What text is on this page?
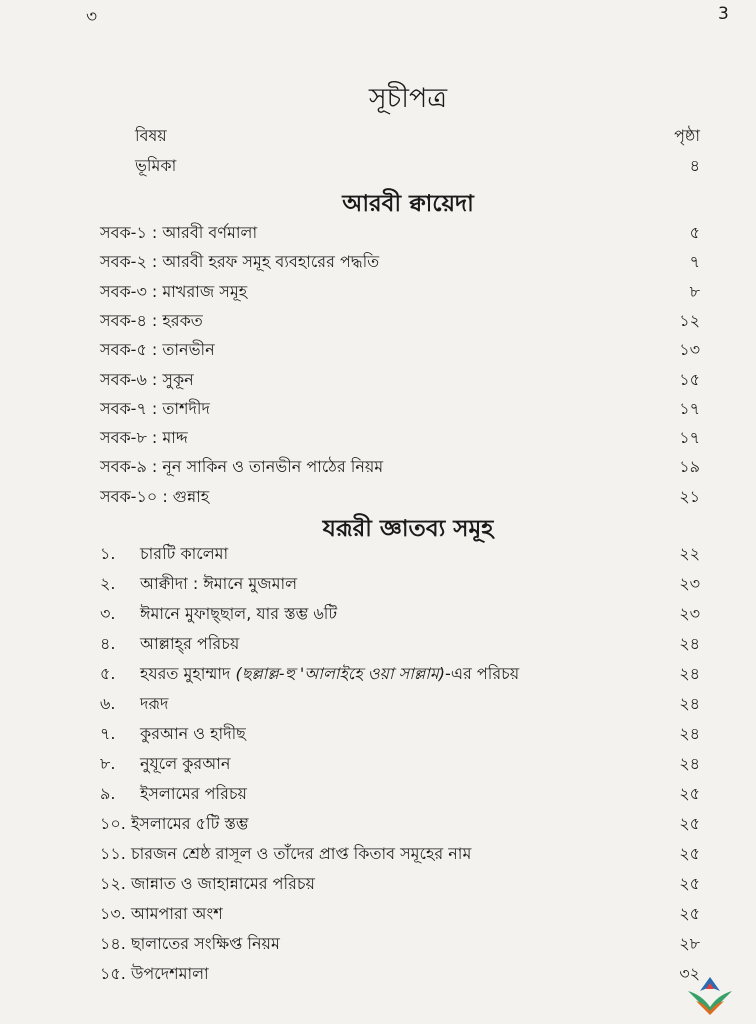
৩	3
সূচীপত্র
বিষয়	পৃষ্ঠা
ভূমিকা	৪
আরবী ক্বায়েদা
সবক-১ : আরবী বর্ণমালা	৫
সবক-২ : আরবী হরফ সমূহ ব্যবহারের পদ্ধতি	৭
সবক-৩ : মাখরাজ সমূহ	৮
সবক-৪ : হরকত	১২
সবক-৫ : তানভীন	১৩
সবক-৬ : সুকূন	১৫
সবক-৭ : তাশদীদ	১৭
সবক-৮ : মাদ্দ	১৭
সবক-৯ : নূন সাকিন ও তানভীন পাঠের নিয়ম	১৯
সবক-১০ : গুন্নাহ	২১
যরূরী জ্ঞাতব্য সমূহ
১. চারটি কালেমা	২২
২. আক্বীদা : ঈমানে মুজমাল	২৩
৩. ঈমানে মুফাছ্ছাল, যার স্তম্ভ ৬টি	২৩
৪. আল্লাহ্‌র পরিচয়	২৪
৫. হযরত মুহাম্মাদ (ছল্লাল্ল-হু 'আলাইহে ওয়া সাল্লাম)-এর পরিচয়	২৪
৬. দরূদ	২৪
৭. কুরআন ও হাদীছ	২৪
৮. নুযূলে কুরআন	২৪
৯. ইসলামের পরিচয়	২৫
১০. ইসলামের ৫টি স্তম্ভ	২৫
১১. চারজন শ্রেষ্ঠ রাসূল ও তাঁদের প্রাপ্ত কিতাব সমূহের নাম	২৫
১২. জান্নাত ও জাহান্নামের পরিচয়	২৫
১৩. আমপারা অংশ	২৫
১৪. ছালাতের সংক্ষিপ্ত নিয়ম	২৮
১৫. উপদেশমালা	৩২
